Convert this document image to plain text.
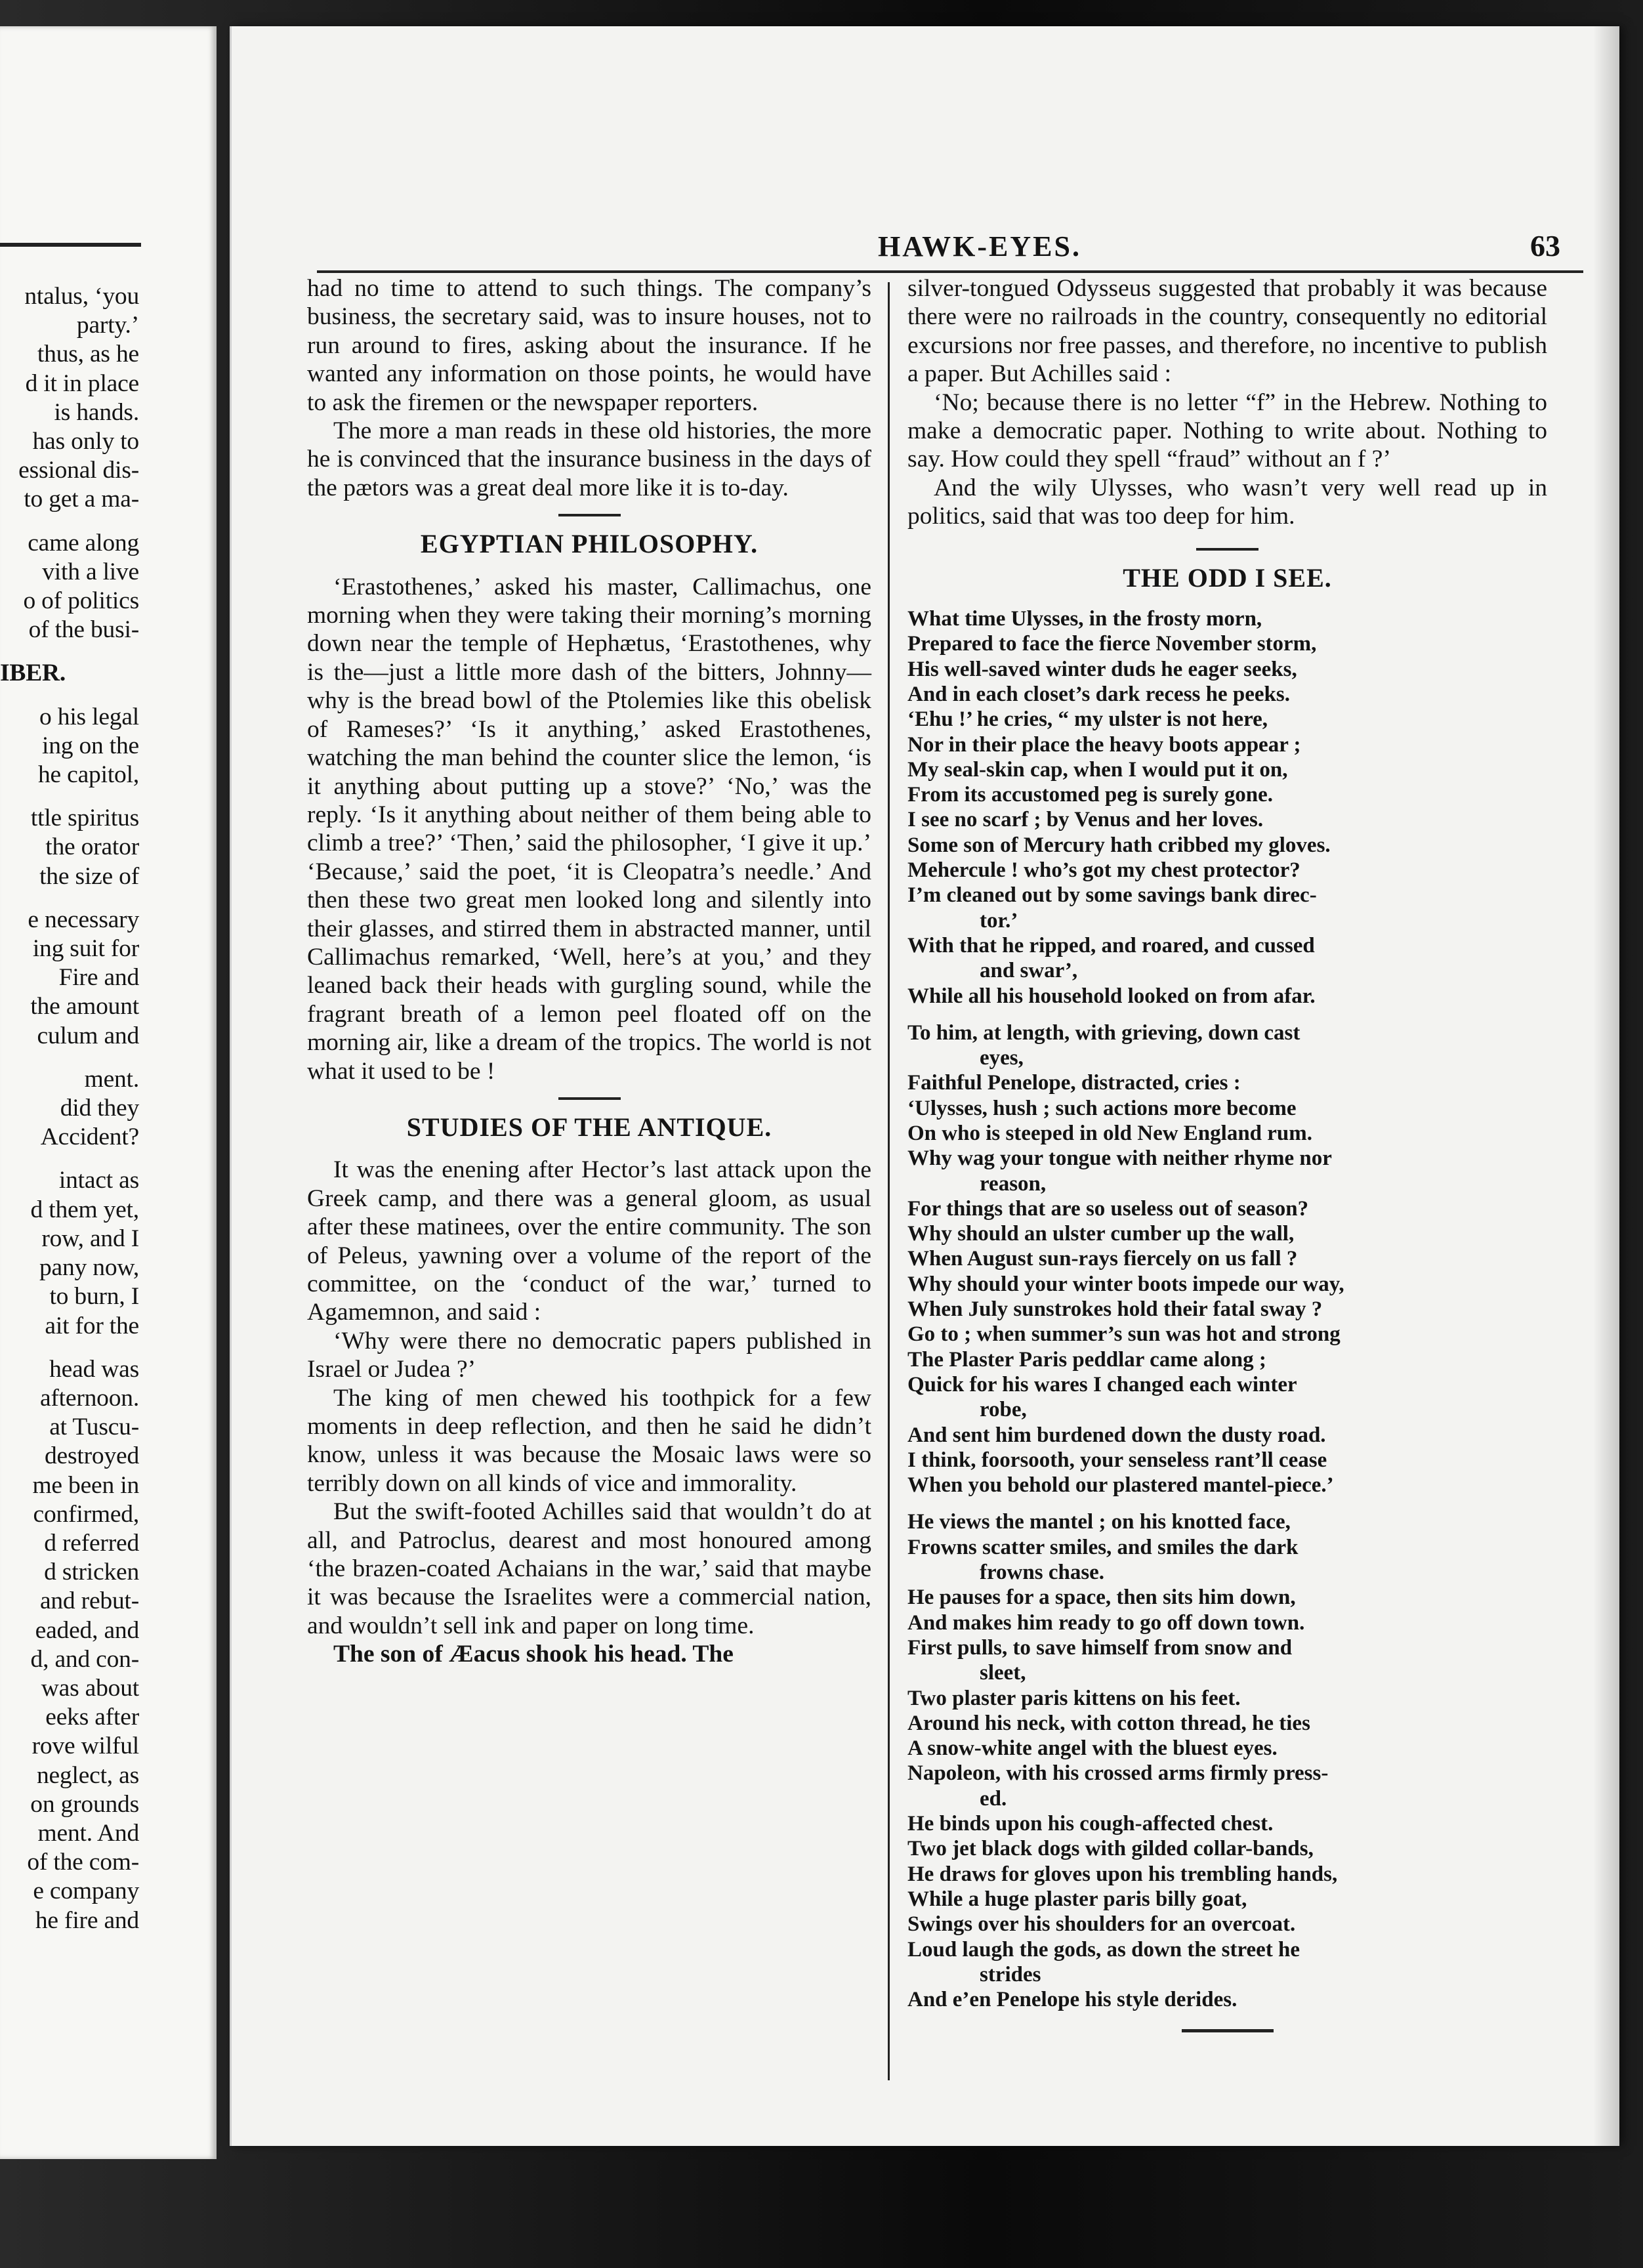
ntalus, ‘you
party.’
thus, as he
d it in place
is hands.
has only to
essional dis-
to get a ma-
came along
vith a live
o of politics
of the busi-
IBER.
o his legal
ing on the
he capitol,
ttle spiritus
the orator
the size of
e necessary
ing suit for
Fire and
the amount
culum and
ment.
did they
Accident?
intact as
d them yet,
row, and I
pany now,
to burn, I
ait for the
head was
afternoon.
at Tuscu-
destroyed
me been in
confirmed,
d referred
d stricken
and rebut-
eaded, and
d, and con-
was about
eeks after
rove wilful
neglect, as
on grounds
ment. And
of the com-
e company
he fire and
HAWK-EYES.	63

had no time to attend to such things. The company’s business, the secretary said, was to insure houses, not to run around to fires, asking about the insurance. If he wanted any information on those points, he would have to ask the firemen or the newspaper reporters.

The more a man reads in these old histories, the more he is convinced that the insurance business in the days of the pætors was a great deal more like it is to-day.

EGYPTIAN PHILOSOPHY.

‘Erastothenes,’ asked his master, Callimachus, one morning when they were taking their morning’s morning down near the temple of Hephætus, ‘Erastothenes, why is the—just a little more dash of the bitters, Johnny—why is the bread bowl of the Ptolemies like this obelisk of Rameses?’ ‘Is it anything,’ asked Erastothenes, watching the man behind the counter slice the lemon, ‘is it anything about putting up a stove?’ ‘No,’ was the reply. ‘Is it anything about neither of them being able to climb a tree?’ ‘Then,’ said the philosopher, ‘I give it up.’ ‘Because,’ said the poet, ‘it is Cleopatra’s needle.’ And then these two great men looked long and silently into their glasses, and stirred them in abstracted manner, until Callimachus remarked, ‘Well, here’s at you,’ and they leaned back their heads with gurgling sound, while the fragrant breath of a lemon peel floated off on the morning air, like a dream of the tropics. The world is not what it used to be !

STUDIES OF THE ANTIQUE.

It was the enening after Hector’s last attack upon the Greek camp, and there was a general gloom, as usual after these matinees, over the entire community. The son of Peleus, yawning over a volume of the report of the committee, on the ‘conduct of the war,’ turned to Agamemnon, and said :

‘Why were there no democratic papers published in Israel or Judea ?’

The king of men chewed his toothpick for a few moments in deep reflection, and then he said he didn’t know, unless it was because the Mosaic laws were so terribly down on all kinds of vice and immorality.

But the swift-footed Achilles said that wouldn’t do at all, and Patroclus, dearest and most honoured among ‘the brazen-coated Achaians in the war,’ said that maybe it was because the Israelites were a commercial nation, and wouldn’t sell ink and paper on long time.

The son of Æacus shook his head. The

silver-tongued Odysseus suggested that probably it was because there were no railroads in the country, consequently no editorial excursions nor free passes, and therefore, no incentive to publish a paper. But Achilles said :

‘No; because there is no letter “f” in the Hebrew. Nothing to make a democratic paper. Nothing to write about. Nothing to say. How could they spell “fraud” without an f ?’

And the wily Ulysses, who wasn’t very well read up in politics, said that was too deep for him.

THE ODD I SEE.
What time Ulysses, in the frosty morn,
Prepared to face the fierce November storm,
His well-saved winter duds he eager seeks,
And in each closet’s dark recess he peeks.
‘Ehu !’ he cries, “ my ulster is not here,
Nor in their place the heavy boots appear ;
My seal-skin cap, when I would put it on,
From its accustomed peg is surely gone.
I see no scarf ; by Venus and her loves.
Some son of Mercury hath cribbed my gloves.
Mehercule ! who’s got my chest protector?
I’m cleaned out by some savings bank direc-
tor.’
With that he ripped, and roared, and cussed
and swar’,
While all his household looked on from afar.
To him, at length, with grieving, down cast
eyes,
Faithful Penelope, distracted, cries :
‘Ulysses, hush ; such actions more become
On who is steeped in old New England rum.
Why wag your tongue with neither rhyme nor
reason,
For things that are so useless out of season?
Why should an ulster cumber up the wall,
When August sun-rays fiercely on us fall ?
Why should your winter boots impede our way,
When July sunstrokes hold their fatal sway ?
Go to ; when summer’s sun was hot and strong
The Plaster Paris peddlar came along ;
Quick for his wares I changed each winter
robe,
And sent him burdened down the dusty road.
I think, foorsooth, your senseless rant’ll cease
When you behold our plastered mantel-piece.’
He views the mantel ; on his knotted face,
Frowns scatter smiles, and smiles the dark
frowns chase.
He pauses for a space, then sits him down,
And makes him ready to go off down town.
First pulls, to save himself from snow and
sleet,
Two plaster paris kittens on his feet.
Around his neck, with cotton thread, he ties
A snow-white angel with the bluest eyes.
Napoleon, with his crossed arms firmly press-
ed.
He binds upon his cough-affected chest.
Two jet black dogs with gilded collar-bands,
He draws for gloves upon his trembling hands,
While a huge plaster paris billy goat,
Swings over his shoulders for an overcoat.
Loud laugh the gods, as down the street he
strides
And e’en Penelope his style derides.
